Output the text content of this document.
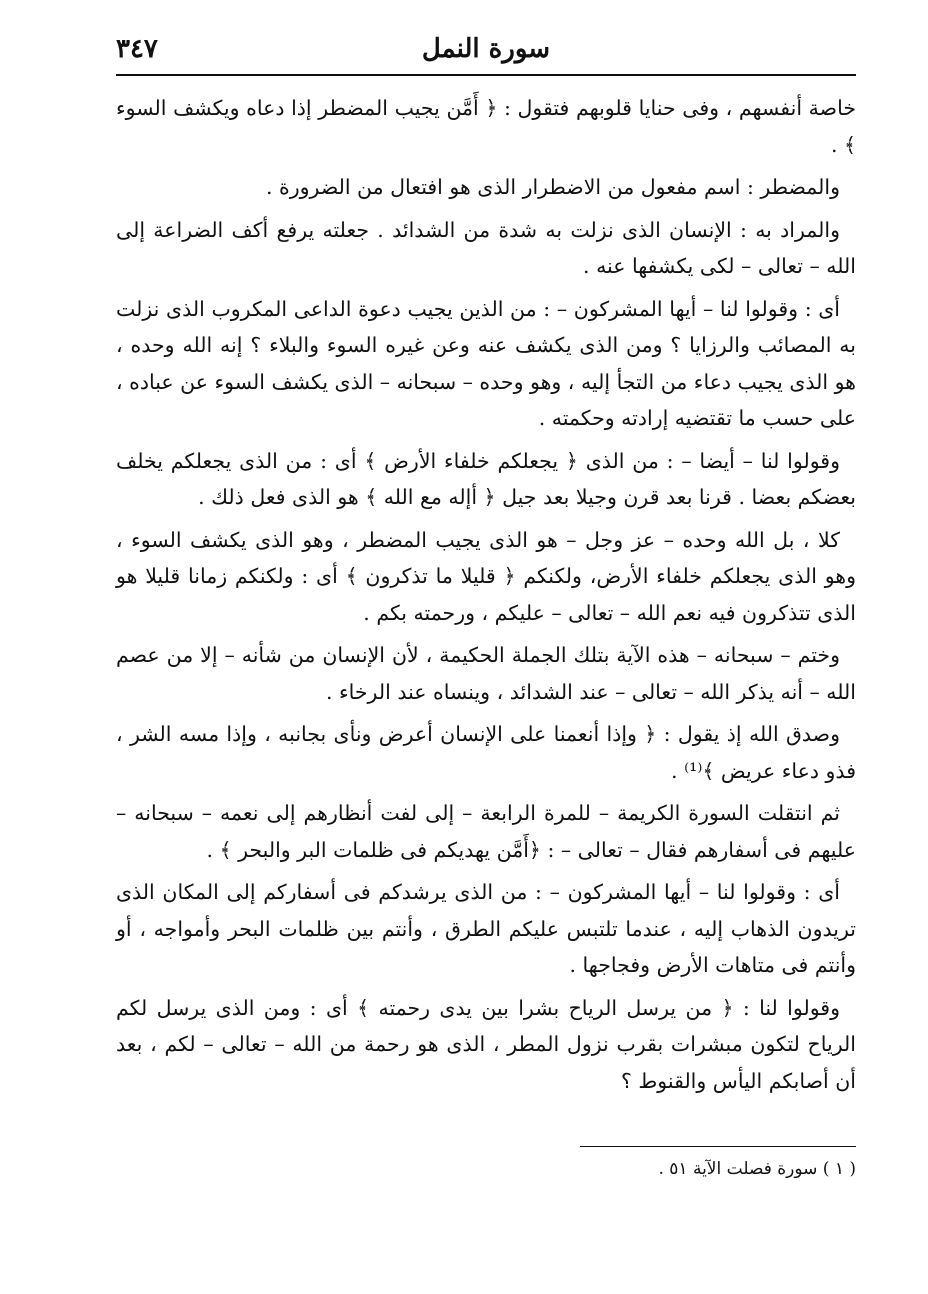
٣٤٧	سورة النمل

خاصة أنفسهم ، وفى حنايا قلوبهم فتقول : ﴿ أَمَّن يجيب المضطر إذا دعاه ويكشف السوء ﴾ .

والمضطر : اسم مفعول من الاضطرار الذى هو افتعال من الضرورة .

والمراد به : الإنسان الذى نزلت به شدة من الشدائد . جعلته يرفع أكف الضراعة إلى الله – تعالى – لكى يكشفها عنه .

أى : وقولوا لنا – أيها المشركون – : من الذين يجيب دعوة الداعى المكروب الذى نزلت به المصائب والرزايا ؟ ومن الذى يكشف عنه وعن غيره السوء والبلاء ؟ إنه الله وحده ، هو الذى يجيب دعاء من التجأ إليه ، وهو وحده – سبحانه – الذى يكشف السوء عن عباده ، على حسب ما تقتضيه إرادته وحكمته .

وقولوا لنا – أيضا – : من الذى ﴿ يجعلكم خلفاء الأرض ﴾ أى : من الذى يجعلكم يخلف بعضكم بعضا . قرنا بعد قرن وجيلا بعد جيل ﴿ أإله مع الله ﴾ هو الذى فعل ذلك .

كلا ، بل الله وحده – عز وجل – هو الذى يجيب المضطر ، وهو الذى يكشف السوء ، وهو الذى يجعلكم خلفاء الأرض، ولكنكم ﴿ قليلا ما تذكرون ﴾ أى : ولكنكم زمانا قليلا هو الذى تتذكرون فيه نعم الله – تعالى – عليكم ، ورحمته بكم .

وختم – سبحانه – هذه الآية بتلك الجملة الحكيمة ، لأن الإنسان من شأنه – إلا من عصم الله – أنه يذكر الله – تعالى – عند الشدائد ، وينساه عند الرخاء .

وصدق الله إذ يقول : ﴿ وإذا أنعمنا على الإنسان أعرض ونأى بجانبه ، وإذا مسه الشر ، فذو دعاء عريض ﴾⁽¹⁾ .

ثم انتقلت السورة الكريمة – للمرة الرابعة – إلى لفت أنظارهم إلى نعمه – سبحانه – عليهم فى أسفارهم فقال – تعالى – : ﴿أَمَّن يهديكم فى ظلمات البر والبحر ﴾ .

أى : وقولوا لنا – أيها المشركون – : من الذى يرشدكم فى أسفاركم إلى المكان الذى تريدون الذهاب إليه ، عندما تلتبس عليكم الطرق ، وأنتم بين ظلمات البحر وأمواجه ، أو وأنتم فى متاهات الأرض وفجاجها .

وقولوا لنا : ﴿ من يرسل الرياح بشرا بين يدى رحمته ﴾ أى : ومن الذى يرسل لكم الرياح لتكون مبشرات بقرب نزول المطر ، الذى هو رحمة من الله – تعالى – لكم ، بعد أن أصابكم اليأس والقنوط ؟

( ١ ) سورة فصلت الآية ٥١ .
